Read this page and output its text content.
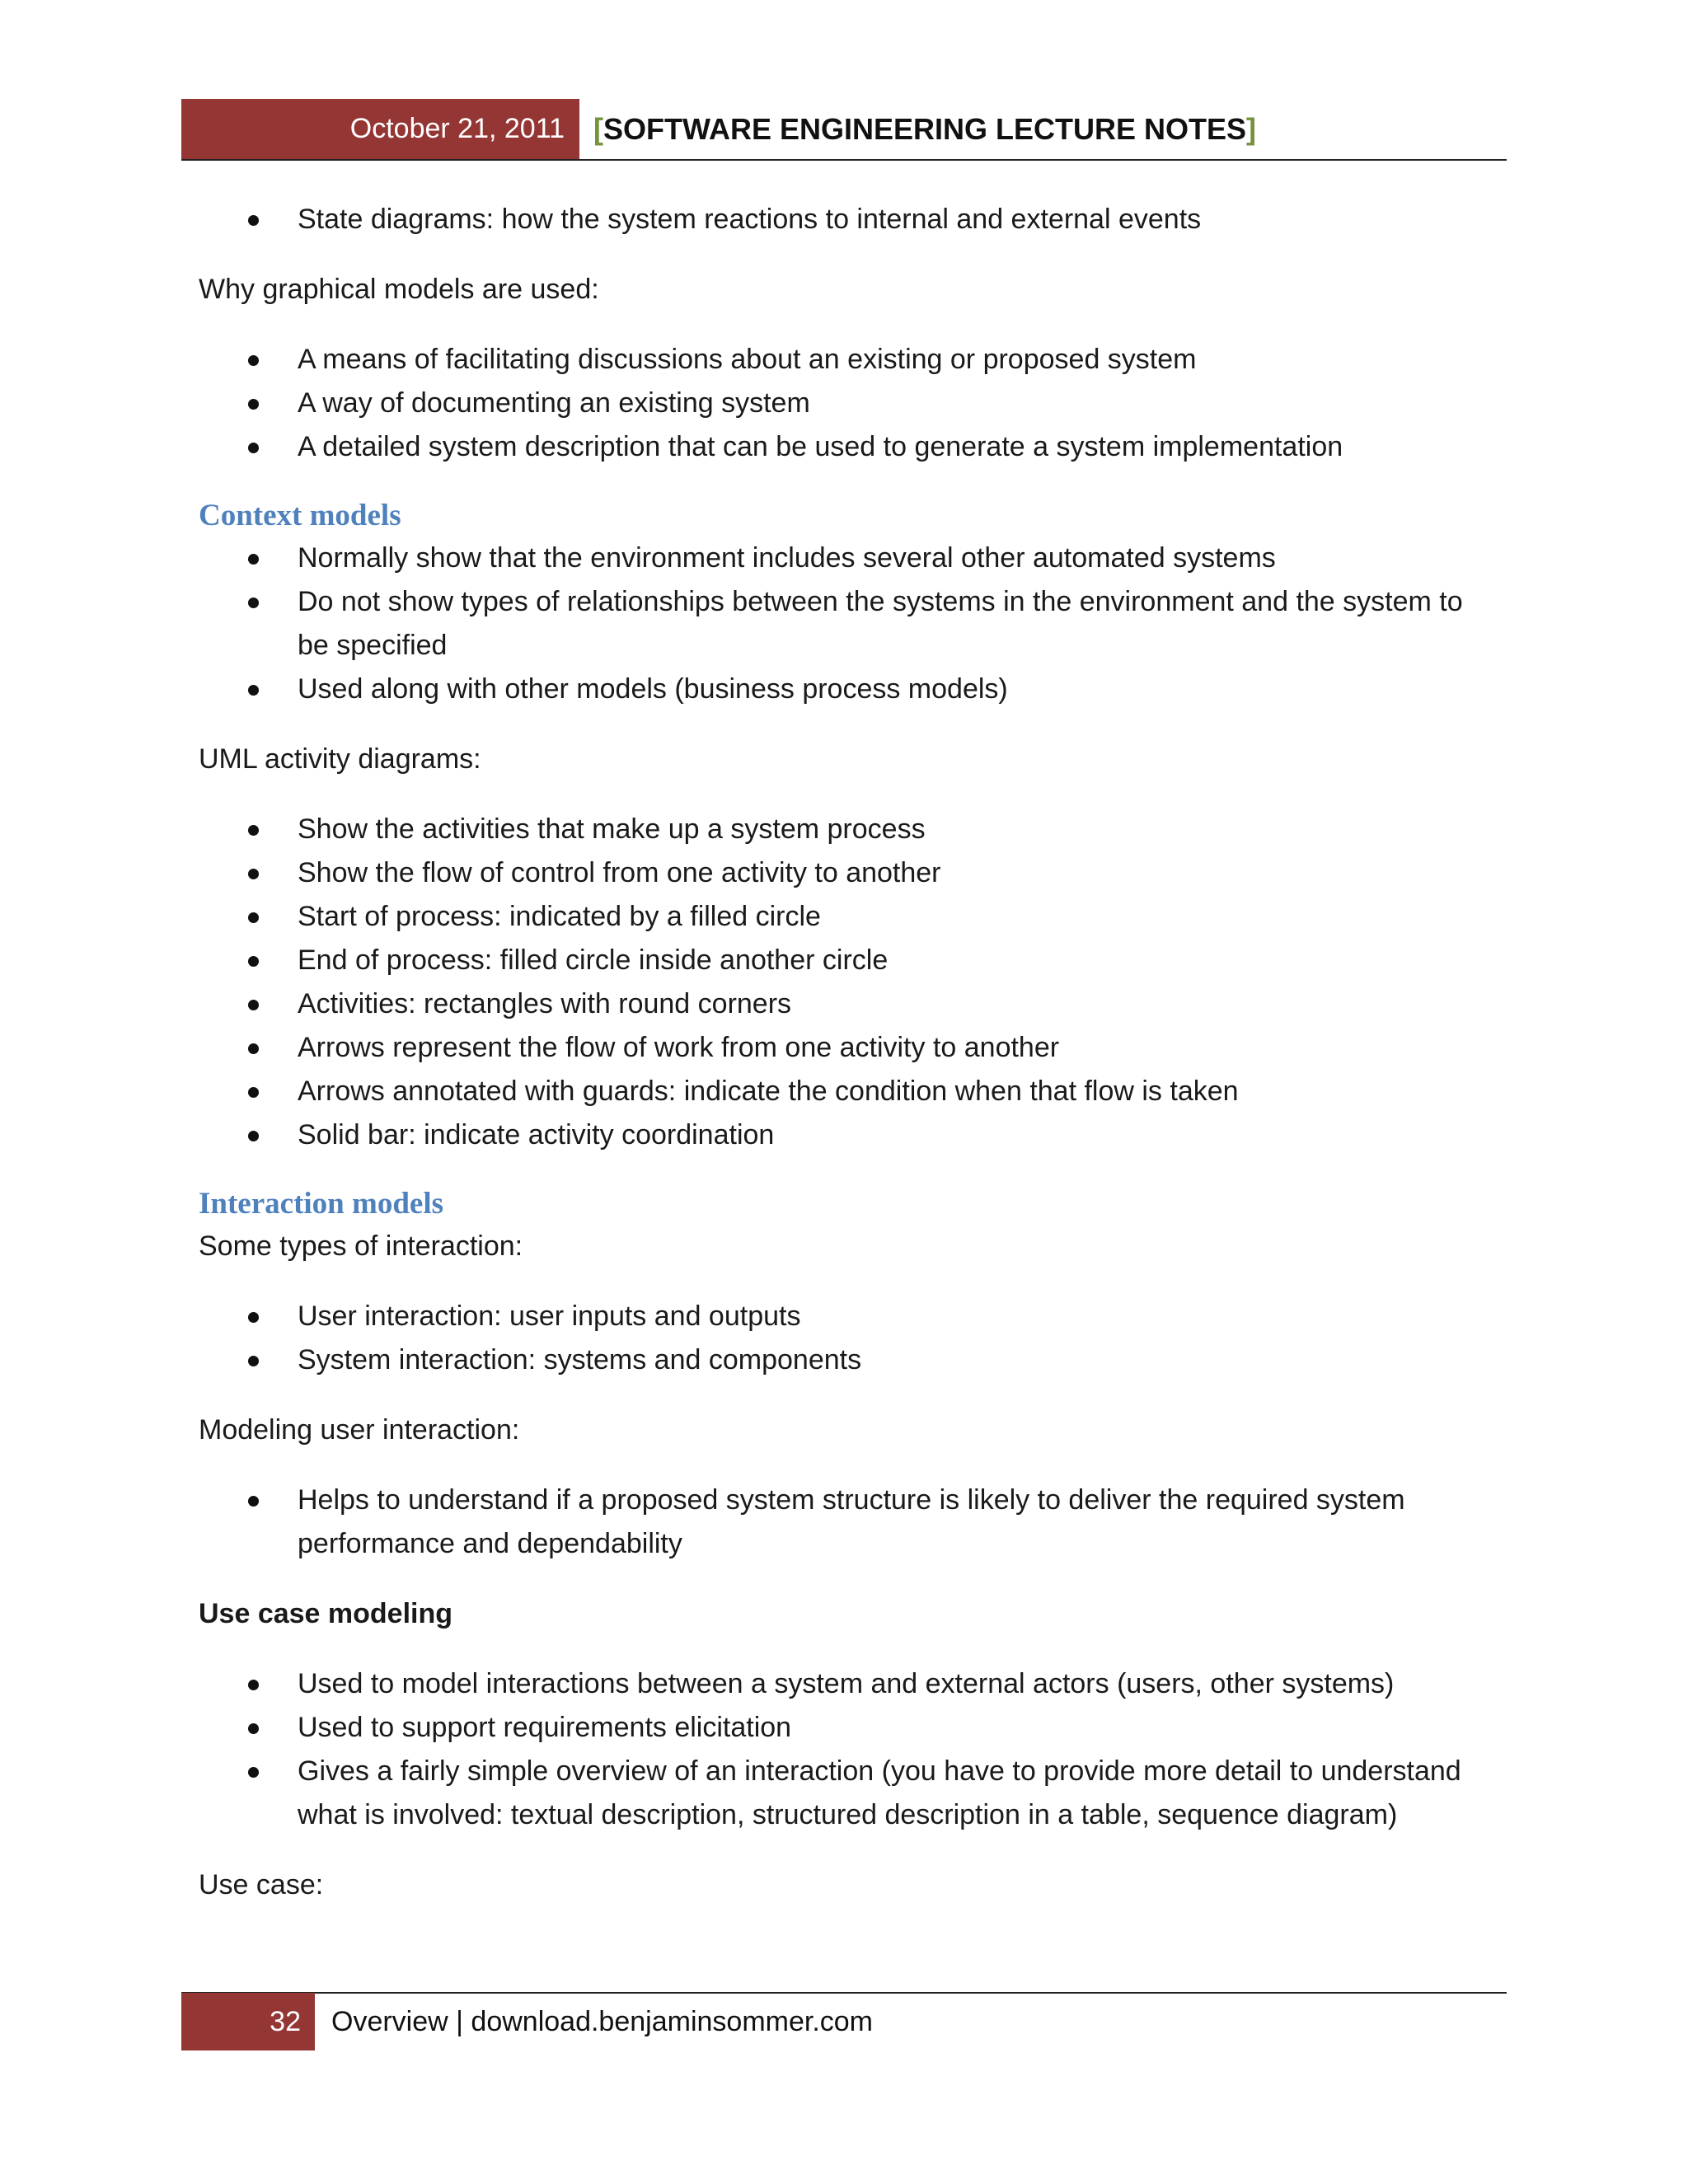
October 21, 2011 [SOFTWARE ENGINEERING LECTURE NOTES]
State diagrams: how the system reactions to internal and external events
Why graphical models are used:
A means of facilitating discussions about an existing or proposed system
A way of documenting an existing system
A detailed system description that can be used to generate a system implementation
Context models
Normally show that the environment includes several other automated systems
Do not show types of relationships between the systems in the environment and the system to be specified
Used along with other models (business process models)
UML activity diagrams:
Show the activities that make up a system process
Show the flow of control from one activity to another
Start of process: indicated by a filled circle
End of process: filled circle inside another circle
Activities: rectangles with round corners
Arrows represent the flow of work from one activity to another
Arrows annotated with guards: indicate the condition when that flow is taken
Solid bar: indicate activity coordination
Interaction models
Some types of interaction:
User interaction: user inputs and outputs
System interaction: systems and components
Modeling user interaction:
Helps to understand if a proposed system structure is likely to deliver the required system performance and dependability
Use case modeling
Used to model interactions between a system and external actors (users, other systems)
Used to support requirements elicitation
Gives a fairly simple overview of an interaction (you have to provide more detail to understand what is involved: textual description, structured description in a table, sequence diagram)
Use case:
32 Overview | download.benjaminsommer.com
